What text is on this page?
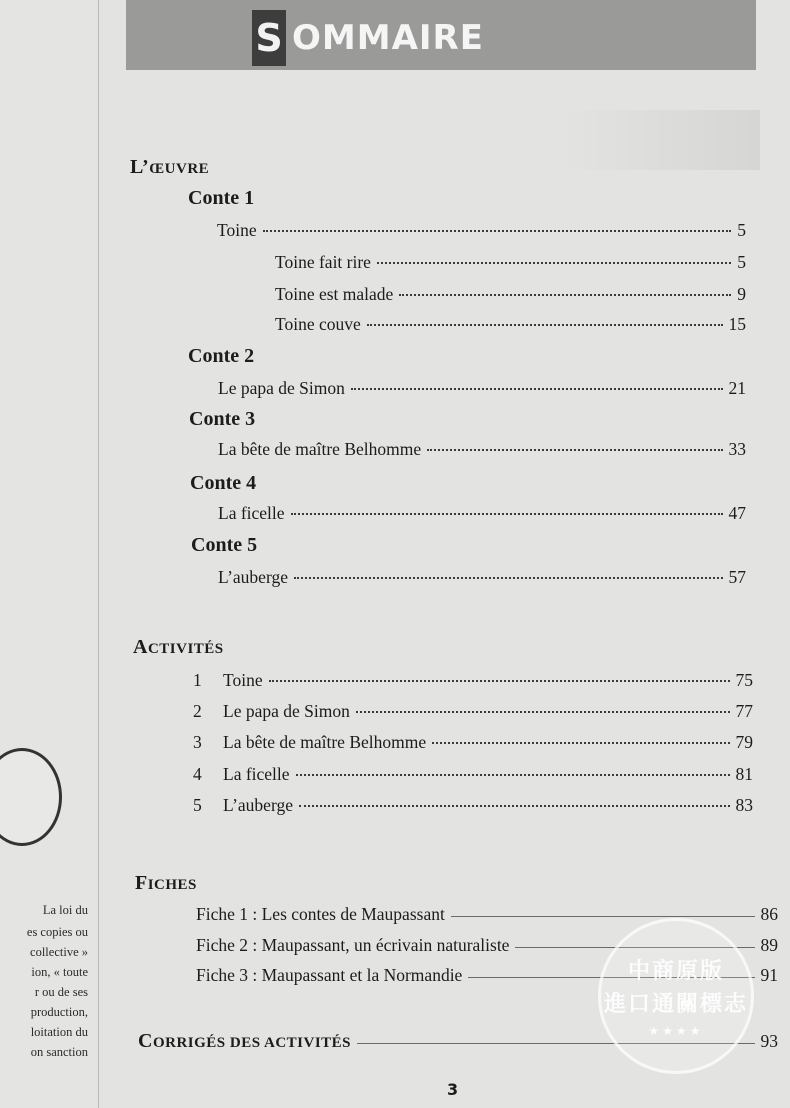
La loi du
es copies ou
collective »
ion, « toute
r ou de ses
production,
loitation du
on sanction
S OMMAIRE
L’ŒUVRE
Conte 1
Toine	5
Toine fait rire	5
Toine est malade	9
Toine couve	15
Conte 2
Le papa de Simon	21
Conte 3
La bête de maître Belhomme	33
Conte 4
La ficelle	47
Conte 5
L’auberge	57
ACTIVITÉS
1	Toine	75
2	Le papa de Simon	77
3	La bête de maître Belhomme	79
4	La ficelle	81
5	L’auberge	83
FICHES
Fiche 1 : Les contes de Maupassant	86
Fiche 2 : Maupassant, un écrivain naturaliste	89
Fiche 3 : Maupassant et la Normandie	91
CORRIGÉS DES ACTIVITÉS	93
3
中商原版
進口通關標志
★★★★
